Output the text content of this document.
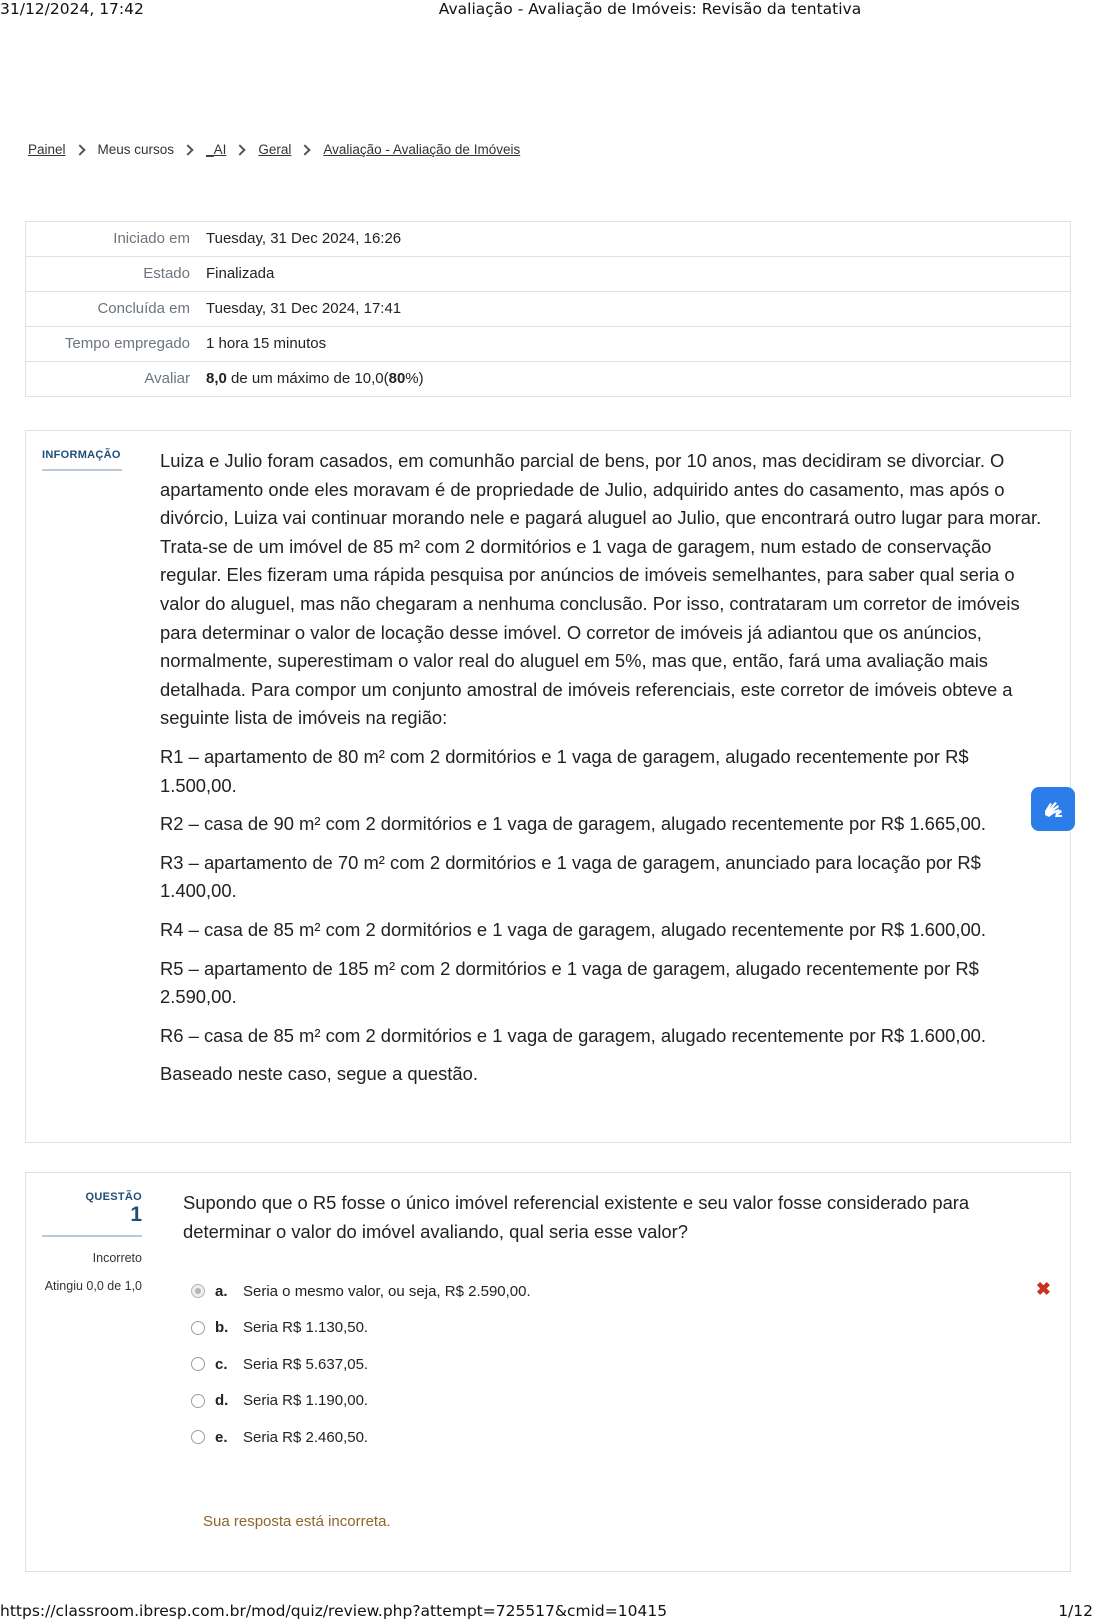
31/12/2024, 17:42	Avaliação - Avaliação de Imóveis: Revisão da tentativa
Painel Meus cursos _AI Geral Avaliação - Avaliação de Imóveis
Iniciado em	Tuesday, 31 Dec 2024, 16:26
Estado	Finalizada
Concluída em	Tuesday, 31 Dec 2024, 17:41
Tempo empregado	1 hora 15 minutos
Avaliar	8,0 de um máximo de 10,0(80%)
INFORMAÇÃO Luiza e Julio foram casados, em comunhão parcial de bens, por 10 anos, mas decidiram se divorciar. O apartamento onde eles moravam é de propriedade de Julio, adquirido antes do casamento, mas após o divórcio, Luiza vai continuar morando nele e pagará aluguel ao Julio, que encontrará outro lugar para morar. Trata-se de um imóvel de 85 m² com 2 dormitórios e 1 vaga de garagem, num estado de conservação regular. Eles fizeram uma rápida pesquisa por anúncios de imóveis semelhantes, para saber qual seria o valor do aluguel, mas não chegaram a nenhuma conclusão. Por isso, contrataram um corretor de imóveis para determinar o valor de locação desse imóvel. O corretor de imóveis já adiantou que os anúncios, normalmente, superestimam o valor real do aluguel em 5%, mas que, então, fará uma avaliação mais detalhada. Para compor um conjunto amostral de imóveis referenciais, este corretor de imóveis obteve a seguinte lista de imóveis na região:

R1 – apartamento de 80 m² com 2 dormitórios e 1 vaga de garagem, alugado recentemente por R$ 1.500,00.

R2 – casa de 90 m² com 2 dormitórios e 1 vaga de garagem, alugado recentemente por R$ 1.665,00.

R3 – apartamento de 70 m² com 2 dormitórios e 1 vaga de garagem, anunciado para locação por R$ 1.400,00.

R4 – casa de 85 m² com 2 dormitórios e 1 vaga de garagem, alugado recentemente por R$ 1.600,00.

R5 – apartamento de 185 m² com 2 dormitórios e 1 vaga de garagem, alugado recentemente por R$ 2.590,00.

R6 – casa de 85 m² com 2 dormitórios e 1 vaga de garagem, alugado recentemente por R$ 1.600,00.

Baseado neste caso, segue a questão.

QUESTÃO
1
Incorreto
Atingiu 0,0 de 1,0
Supondo que o R5 fosse o único imóvel referencial existente e seu valor fosse considerado para determinar o valor do imóvel avaliando, qual seria esse valor?
a.	Seria o mesmo valor, ou seja, R$ 2.590,00.	✖
b. Seria R$ 1.130,50.
c.	Seria R$ 5.637,05.
d. Seria R$ 1.190,00.
e.	Seria R$ 2.460,50.
Sua resposta está incorreta.
https://classroom.ibresp.com.br/mod/quiz/review.php?attempt=725517&cmid=10415	1/12
